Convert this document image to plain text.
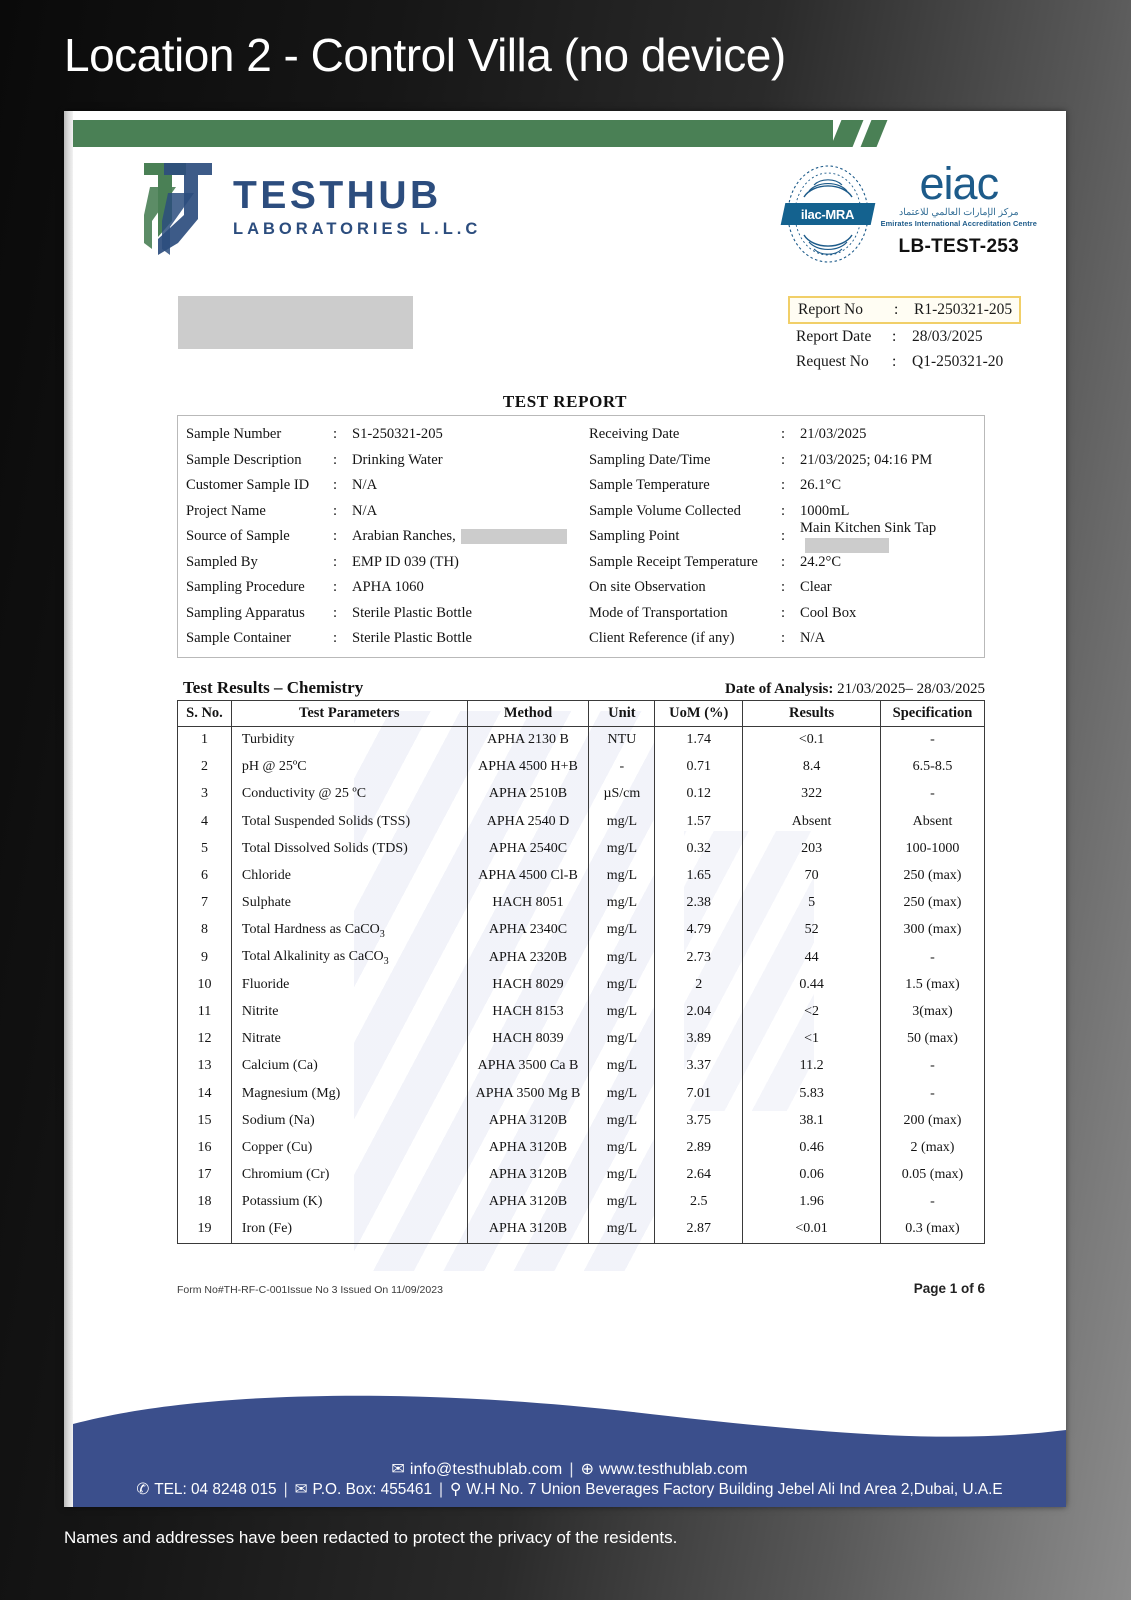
Location 2 - Control Villa (no device)
TESTHUB
LABORATORIES L.L.C
ilac-MRA
eiac
مركز الإمارات العالمي للاعتماد
Emirates International Accreditation Centre
LB-TEST-253
Report No	:	R1-250321-205
Report Date	:	28/03/2025
Request No	:	Q1-250321-20
TEST REPORT
Sample Number	:	S1-250321-205
Sample Description	:	Drinking Water
Customer Sample ID	:	N/A
Project Name	:	N/A
Source of Sample	:	Arabian Ranches,
Sampled By	:	EMP ID 039 (TH)
Sampling Procedure	:	APHA 1060
Sampling Apparatus	:	Sterile Plastic Bottle
Sample Container	:	Sterile Plastic Bottle
Receiving Date	:	21/03/2025
Sampling Date/Time	:	21/03/2025; 04:16 PM
Sample Temperature	:	26.1°C
Sample Volume Collected	:	1000mL
Sampling Point	:
Main Kitchen Sink Tap
Sample Receipt Temperature	:	24.2°C
On site Observation	:	Clear
Mode of Transportation	:	Cool Box
Client Reference (if any)	:	N/A
Test Results – Chemistry	Date of Analysis: 21/03/2025– 28/03/2025
S. No.	Test Parameters	Method	Unit	UoM (%)	Results	Specification
1	Turbidity	APHA 2130 B	NTU	1.74	<0.1	-
2	pH @ 25ºC	APHA 4500 H+B	-	0.71	8.4	6.5-8.5
3	Conductivity @ 25 ºC	APHA 2510B	µS/cm	0.12	322	-
4	Total Suspended Solids (TSS)	APHA 2540 D	mg/L	1.57	Absent	Absent
5	Total Dissolved Solids (TDS)	APHA 2540C	mg/L	0.32	203	100-1000
6	Chloride	APHA 4500 Cl-B	mg/L	1.65	70	250 (max)
7	Sulphate	HACH 8051	mg/L	2.38	5	250 (max)
8	Total Hardness as CaCO$_3$	APHA 2340C	mg/L	4.79	52	300 (max)
9	Total Alkalinity as CaCO$_3$	APHA 2320B	mg/L	2.73	44	-
10	Fluoride	HACH 8029	mg/L	2	0.44	1.5 (max)
11	Nitrite	HACH 8153	mg/L	2.04	<2	3(max)
12	Nitrate	HACH 8039	mg/L	3.89	<1	50 (max)
13	Calcium (Ca)	APHA 3500 Ca B	mg/L	3.37	11.2	-
14	Magnesium (Mg)	APHA 3500 Mg B	mg/L	7.01	5.83	-
15	Sodium (Na)	APHA 3120B	mg/L	3.75	38.1	200 (max)
16	Copper (Cu)	APHA 3120B	mg/L	2.89	0.46	2 (max)
17	Chromium (Cr)	APHA 3120B	mg/L	2.64	0.06	0.05 (max)
18	Potassium (K)	APHA 3120B	mg/L	2.5	1.96	-
19	Iron (Fe)	APHA 3120B	mg/L	2.87	<0.01	0.3 (max)
Form No#TH-RF-C-001Issue No 3 Issued On 11/09/2023	Page 1 of 6
✉ info@testhublab.com | ⊕ www.testhublab.com
✆ TEL: 04 8248 015 | ✉ P.O. Box: 455461 | ⚲ W.H No. 7 Union Beverages Factory Building Jebel Ali Ind Area 2,Dubai, U.A.E
Names and addresses have been redacted to protect the privacy of the residents.
